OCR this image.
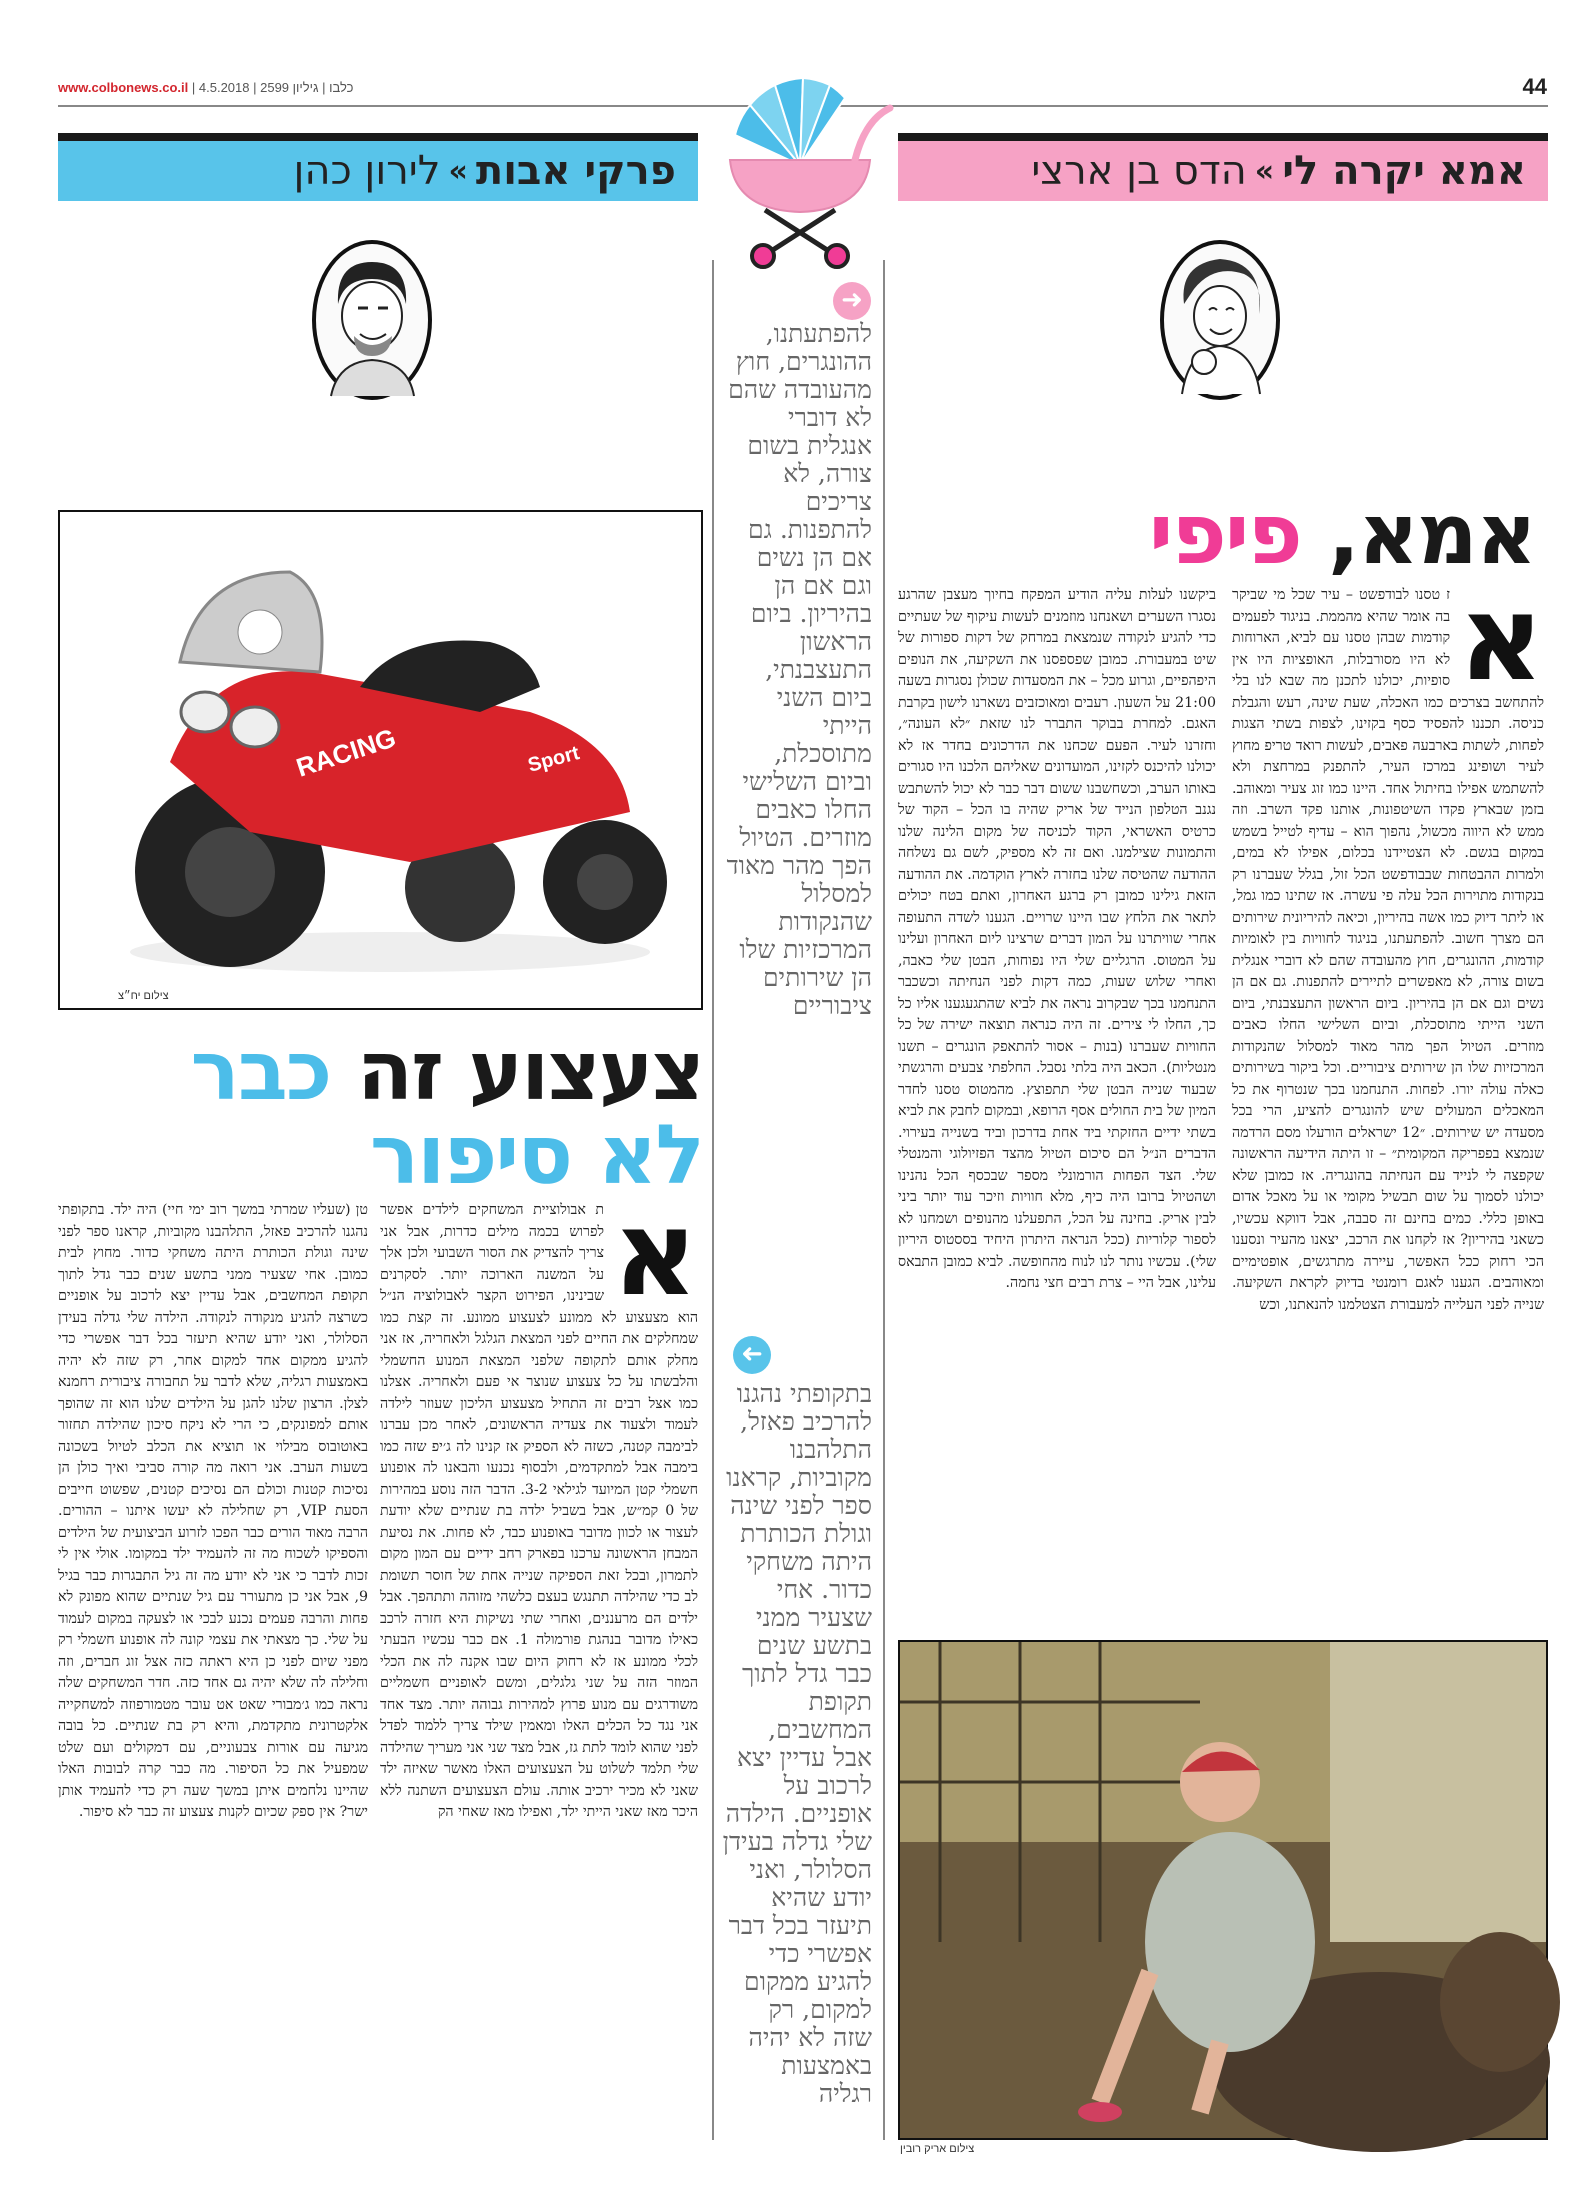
www.colbonews.co.il | כלבו | גיליון 2599 | 4.5.2018	44
אמא יקרה לי
»
הדס בן ארצי
אמא, פיפי
א
ז טסנו לבודפשט – עיר שכל מי שביקר בה אומר שהיא מהממת. בניגוד לפעמים קודמות שבהן טסנו עם לביא, הארוחות לא היו מסורבלות, האופציות היו אין סופיות, יכולנו לתכנן מה שבא לנו בלי להתחשב בצרכים כמו האכלה, שעת שינה, רעש והגבלת כניסה. תכננו להפסיד כסף בקזינו, לצפות בשתי הצגות לפחות, לשתות בארבעה פאבים, לעשות רואד טריפ מחוץ לעיר ושופינג במרכז העיר, להתפנק במרחצת ולא להשתמש אפילו בחיתול אחד. היינו כמו זוג צעיר ומאוהב. בזמן שבארץ פקדו השיטפונות, אותנו פקד השרב. וזה ממש לא היווה מכשול, נהפוך הוא – עדיף לטייל בשמש במקום בגשם. לא הצטיידנו בכלום, אפילו לא במים, ולמרות ההבטחות שבבודפשט הכל זול, בגלל שעברנו רק בנקודות מתוירות הכל עלה פי עשרה. אז שתינו כמו גמל, או ליתר דיוק כמו אשה בהיריון, וכיאה להיריונית שירותים הם מצרך חשוב. להפתעתנו, בניגוד לחוויות בין לאומיות קודמות, ההונגרים, חוץ מהעובדה שהם לא דוברי אנגלית בשום צורה, לא מאפשרים לתיירים להתפנות. גם אם הן נשים וגם אם הן בהיריון. ביום הראשון התעצבנתי, ביום השני הייתי מתוסכלת, וביום השלישי החלו כאבים מוזרים. הטיול הפך מהר מאוד למסלול שהנקודות המרכזיות שלו הן שירותים ציבוריים. וכל ביקור בשירותים כאלה עולה יורו. לפחות. התנחמנו בכך שנטרוף את כל המאכלים המעולים שיש להונגרים להציע, הרי בכל מסעדה יש שירותים. ״12 ישראלים הורעלו מסם הרדמה שנמצא בפפריקה המקומית״ – זו היתה הידיעה הראשונה שקפצה לי לנייד עם הנחיתה בהונגריה. אז כמובן שלא יכולנו לסמוך על שום תבשיל מקומי או על מאכל אדום באופן כללי. כמים בחינם זה סבבה, אבל דווקא עכשיו, כשאני בהיריון? אז לקחנו את הרכב, יצאנו מהעיר ונסענו הכי רחוק ככל האפשר, עיירה מתרגשים, אופטימיים ומאוהבים. הגענו לאגם רומנטי בדיוק לקראת השקיעה. שנייה לפני העלייה למעבורת הצטלמנו להנאתנו, וכש
ביקשנו לעלות עליה הודיע המפקח בחיוך מעצבן שהרגע נסגרו השערים ושאנחנו מוזמנים לעשות עיקוף של שעתיים כדי להגיע לנקודה שנמצאת במרחק של דקות ספורות של שיט במעבורת. כמובן שפספסנו את השקיעה, את הנופים היפהפיים, וגרוע מכל – את המסעדות שכולן נסגרות בשעה 21:00 על השעון. רעבים ומאוכזבים נשארנו לישון בקרבת האגם. למחרת בבוקר התברר לנו שזאת ״לא העונה״, וחזרנו לעיר. הפעם שכחנו את הדרכונים בחדר אז לא יכולנו להיכנס לקזינו, המועדונים שאליהם הלכנו היו סגורים באותו הערב, וכשחשבנו ששום דבר כבר לא יכול להשתבש נגנב הטלפון הנייד של אריק שהיה בו הכל – הקוד של כרטיס האשראי, הקוד לכניסה של מקום הלינה שלנו והתמונות שצילמנו. ואם זה לא מספיק, לשם גם נשלחה ההודעה שהטיסה שלנו בחזרה לארץ הוקדמה. את ההודעה הזאת גילינו כמובן רק ברגע האחרון, ואתם בטח יכולים לתאר את הלחץ שבו היינו שרויים. הגענו לשדה התעופה אחרי שוויתרנו על המון דברים שרצינו ליום האחרון ועלינו על המטוס. הרגליים שלי היו נפוחות, הבטן שלי כאבה, ואחרי שלוש שעות, כמה דקות לפני הנחיתה וכשכבר התנחמנו בכך שבקרוב נראה את לביא שהתגעגענו אליו כל כך, החלו לי צירים. זה היה כנראה תוצאה ישירה של כל החוויות שעברנו (בנות – אסור להתאפק הונגרים – תשנו מנטליות). הכאב היה בלתי נסבל. החלפתי צבעים והרגשתי שבעוד שנייה הבטן שלי תתפוצץ. מהמטוס טסנו לחדר המיון של בית החולים אסף הרופא, ובמקום לחבק את לביא בשתי ידיים החזקתי ביד אחת בדרכון וביד בשנייה בעירוי. הדברים הנ״ל הם סיכום הטיול מהצד הפזיולוגי והמנטלי שלי. הצד הפחות הורמונלי מספר שבכסף הכל נהנינו ושהטיול ברובו היה כיף, מלא חוויות וזיכר עוד יותר ביני לבין אריק. בחינה על הכל, התפעלנו מהנופים ושמחנו לא לספור קלוריות (ככל הנראה היתרון היחיד בססטוס היריון שלי). עכשיו נותר לנו לנוח מהחופשה. לביא כמובן התבאס עלינו, אבל היי – צרת רבים חצי נחמה.
צילום אריק רובין
➜
להפתעתנו, ההונגרים, חוץ מהעובדה שהם לא דוברי אנגלית בשום צורה, לא צריכים להתפנות. גם אם הן נשים וגם אם הן בהיריון. ביום הראשון התעצבנתי, ביום השני הייתי מתוסכלת, וביום השלישי החלו כאבים מוזרים. הטיול הפך מהר מאוד למסלול שהנקודות המרכזיות שלו הן שירותים ציבוריים
➜
בתקופתי נהגנו להרכיב פאזל, התלהבנו מקוביות, קראנו ספר לפני שינה וגולת הכותרת היתה משחקי כדור. אחי שצעיר ממני בתשע שנים כבר גדל לתוך תקופת המחשבים, אבל עדיין יצא לרכוב על אופניים. הילדה שלי גדלה בעידן הסלולר, ואני יודע שהיא תיעזר בכל דבר אפשרי כדי להגיע ממקום למקום, רק שזה לא יהיה באמצעות רגליה
פרקי אבות
»
לירון כהן
RACING	Sport
צילום יח״צ
צעצוע זה כבר
לא סיפור
א
ת אבולוציית המשחקים לילדים אפשר לפרוש בכמה מילים כדרות, אבל אני צריך להצדיק את הסור השבועי ולכן אלך על המשנה הארוכה יותר. לסקרנים שבינינו, הפירוט הקצר לאבולוציה הנ״ל הוא מצעצוע לא ממונע לצעצוע ממונע. זה קצת כמו שמחלקים את החיים לפני המצאת הגלגל ולאחריה, אז אני מחלק אותם לתקופה שלפני המצאת המנוע החשמלי והלבשתו על כל צעצוע שנוצר אי פעם ולאחריה. אצלנו כמו אצל רבים זה התחיל מצעצוע הליכון שעוזר לילדה לעמוד ולצעוד את צעדיה הראשונים, לאחר מכן עברנו לבימבה קטנה, כשזה לא הספיק אז קנינו לה ג׳יפ שזה כמו בימבה אבל למתקדמים, ולבסוף נכנעו והבאנו לה אופנוע חשמלי קטן המיועד לגילאי 3-2. הדבר הזה נוסע במהירות של 0 קמ״ש, אבל בשביל ילדה בת שנתיים שלא יודעת לעצור או לכוון מדובר באופנוע כבד, לא פחות. את נסיעת המבחן הראשונה ערכנו בפארק רחב ידיים עם המון מקום לתמרון, ובכל זאת הספיקה שנייה אחת של חוסר תשומת לב כדי שהילדה תתנגש בעצם כלשהי מזוהה ותתהפך. אבל ילדים הם מרעננים, ואחרי שתי נשיקות היא חזרה לרכב כאילו מדובר בנהגת פורמולה 1. אם כבר עכשיו הבעתי לכלי ממונע אז לא רחוק היום שבו אקנה לה את הכלי המוזר הזה על שני גלגלים, ומשם לאופניים חשמליים משודרגים עם מנוע פרוץ למהירות גבוהה יותר. מצד אחד אני נגד כל הכלים האלו ומאמין שילד צריך ללמוד לפדל לפני שהוא לומד לתת גז, אבל מצד שני אני מעריך שהילדה שלי תלמד לשלוט על הצעצועים האלו מאשר שאיזה ילד שאני לא מכיר ירכיב אותה. עולם הצעצועים השתנה ללא היכר מאז שאני הייתי ילד, ואפילו מאז שאחי הק
טן (שעליו שמרתי במשך רוב ימי חיי) היה ילד. בתקופתי נהגנו להרכיב פאזל, התלהבנו מקוביות, קראנו ספר לפני שינה וגולת הכותרת היתה משחקי כדור. מחוץ לבית כמובן. אחי שצעיר ממני בתשע שנים כבר גדל לתוך תקופת המחשבים, אבל עדיין יצא לרכוב על אופניים כשרצה להגיע מנקודה לנקודה. הילדה שלי גדלה בעידן הסלולר, ואני יודע שהיא תיעזר בכל דבר אפשרי כדי להגיע ממקום אחד למקום אחר, רק שזה לא יהיה באמצעות רגליה, שלא לדבר על תחבורה ציבורית רחמנא לצלן. הרצון שלנו להגן על הילדים שלנו הוא זה שהופך אותם למפונקים, כי הרי לא ניקח סיכון שהילדה תחזור באוטובוס מבילוי או תוציא את הכלב לטיול בשכונה בשעות הערב. אני רואה מה קורה סביבי ואיך כולן הן נסיכות קטנות וכולם הם נסיכים קטנים, שפשוט חייבים הסעת VIP, רק שחלילה לא יעשו איתנו – ההורים. הרבה מאוד הורים כבר הפכו לזרוע הביצועית של הילדים והספיקו לשכוח מה זה להעמיד ילד במקומו. אולי אין לי זכות לדבר כי אני לא יודע מה זה גיל התבגרות כבר בגיל 9, אבל אני כן מתעורר עם גיל שנתיים שהוא מפונק לא פחות והרבה פעמים נכנע לבכי או לצעקה במקום לעמוד על שלי. כך מצאתי את עצמי קונה לה אופנוע חשמלי רק מפני שיום לפני כן היא ראתה כזה אצל זוג חברים, וזה וחלילה לה שלא יהיה גם אחד כזה. חדר המשחקים שלה נראה כמו ג׳מבורי שאט אט עובר מטמורפוזה למשחקייה אלקטרונית מתקדמת, והיא רק בת שנתיים. כל בובה מגיעה עם אורות צבעוניים, עם דמקולים ועם שלט שמפעיל את כל הסיפור. מה כבר קרה לבובות האלו שהיינו נלחמים איתן במשך שעה רק כדי להעמיד אותן ישר? אין ספק שכיום לקנות צעצוע זה כבר לא סיפור.
